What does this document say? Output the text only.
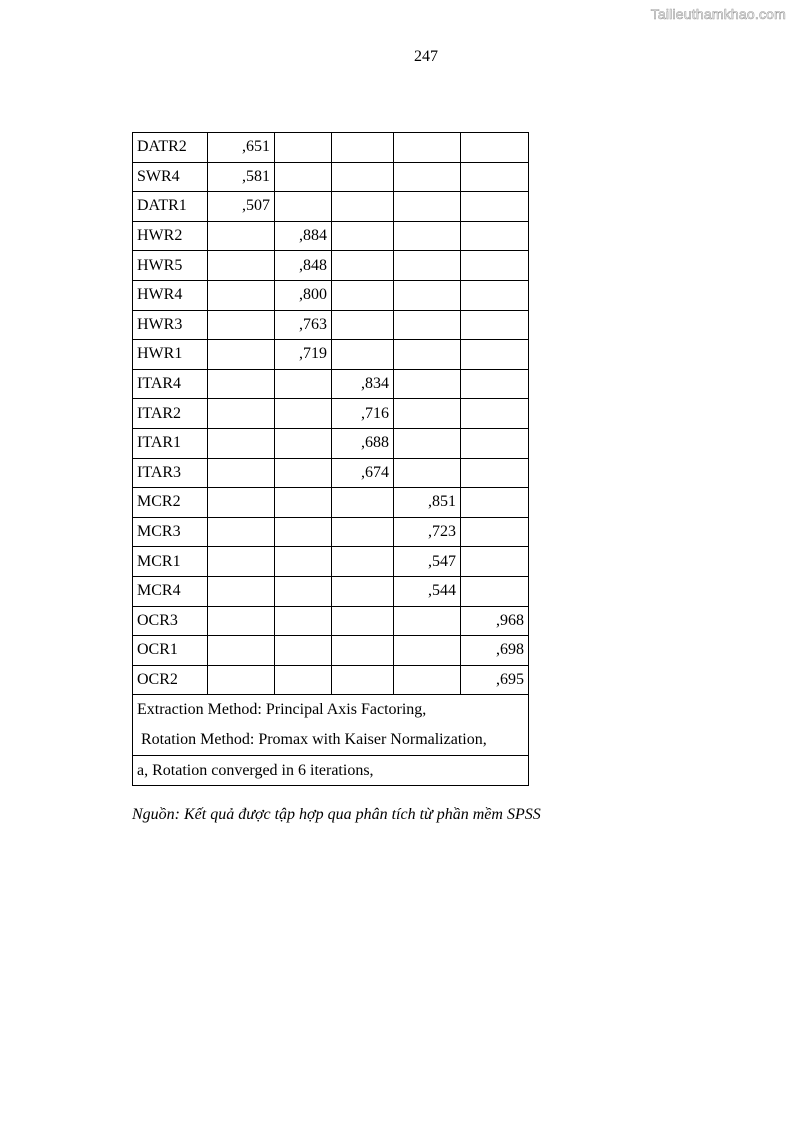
Tailieuthamkhao.com
247
DATR2	,651				
SWR4	,581				
DATR1	,507				
HWR2		,884			
HWR5		,848			
HWR4		,800			
HWR3		,763			
HWR1		,719			
ITAR4			,834		
ITAR2			,716		
ITAR1			,688		
ITAR3			,674		
MCR2				,851	
MCR3				,723	
MCR1				,547	
MCR4				,544	
OCR3					,968
OCR1					,698
OCR2					,695

Extraction Method: Principal Axis Factoring,
Rotation Method: Promax with Kaiser Normalization,					

a, Rotation converged in 6 iterations,					
Nguồn: Kết quả được tập hợp qua phân tích từ phần mềm SPSS
